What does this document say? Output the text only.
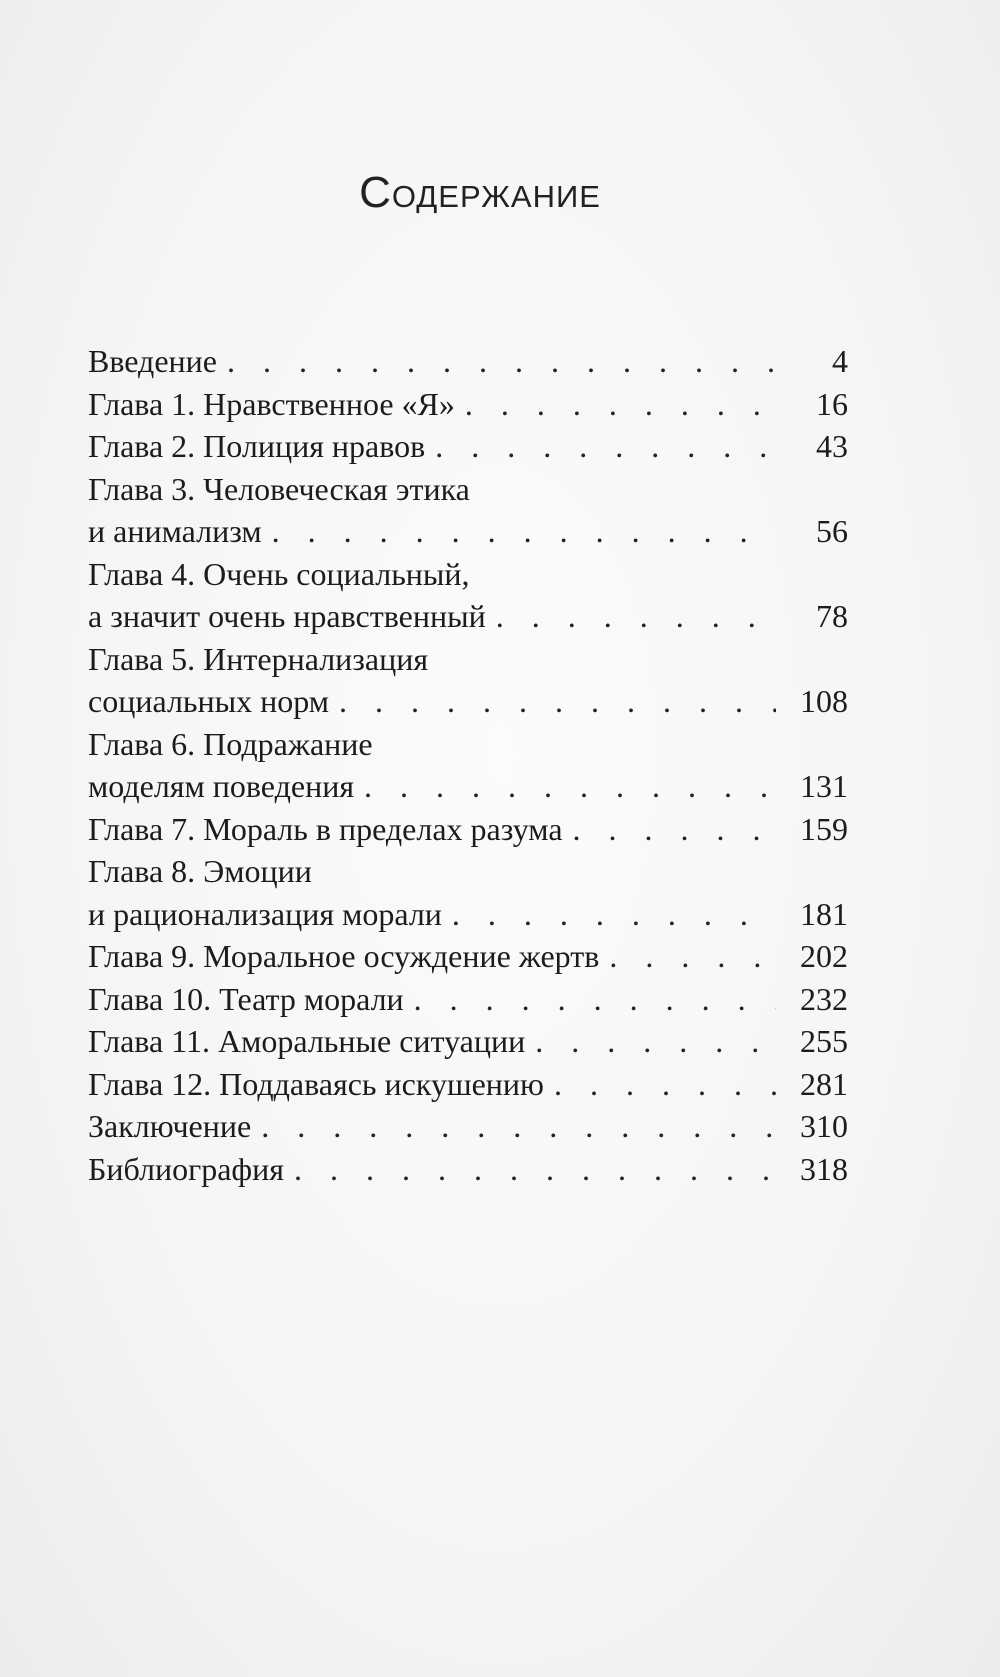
Содержание
Введение . . .	4
Глава 1. Нравственное «Я» . . .	16
Глава 2. Полиция нравов . . .	43
Глава 3. Человеческая этика
и анимализм . . .	56
Глава 4. Очень социальный,
а значит очень нравственный . . .	78
Глава 5. Интернализация
социальных норм . . .	108
Глава 6. Подражание
моделям поведения . . .	131
Глава 7. Мораль в пределах разума . . .	159
Глава 8. Эмоции
и рационализация морали . . .	181
Глава 9. Моральное осуждение жертв . . .	202
Глава 10. Театр морали . . .	232
Глава 11. Аморальные ситуации . . .	255
Глава 12. Поддаваясь искушению . . .	281
Заключение . . .	310
Библиография . . .	318
